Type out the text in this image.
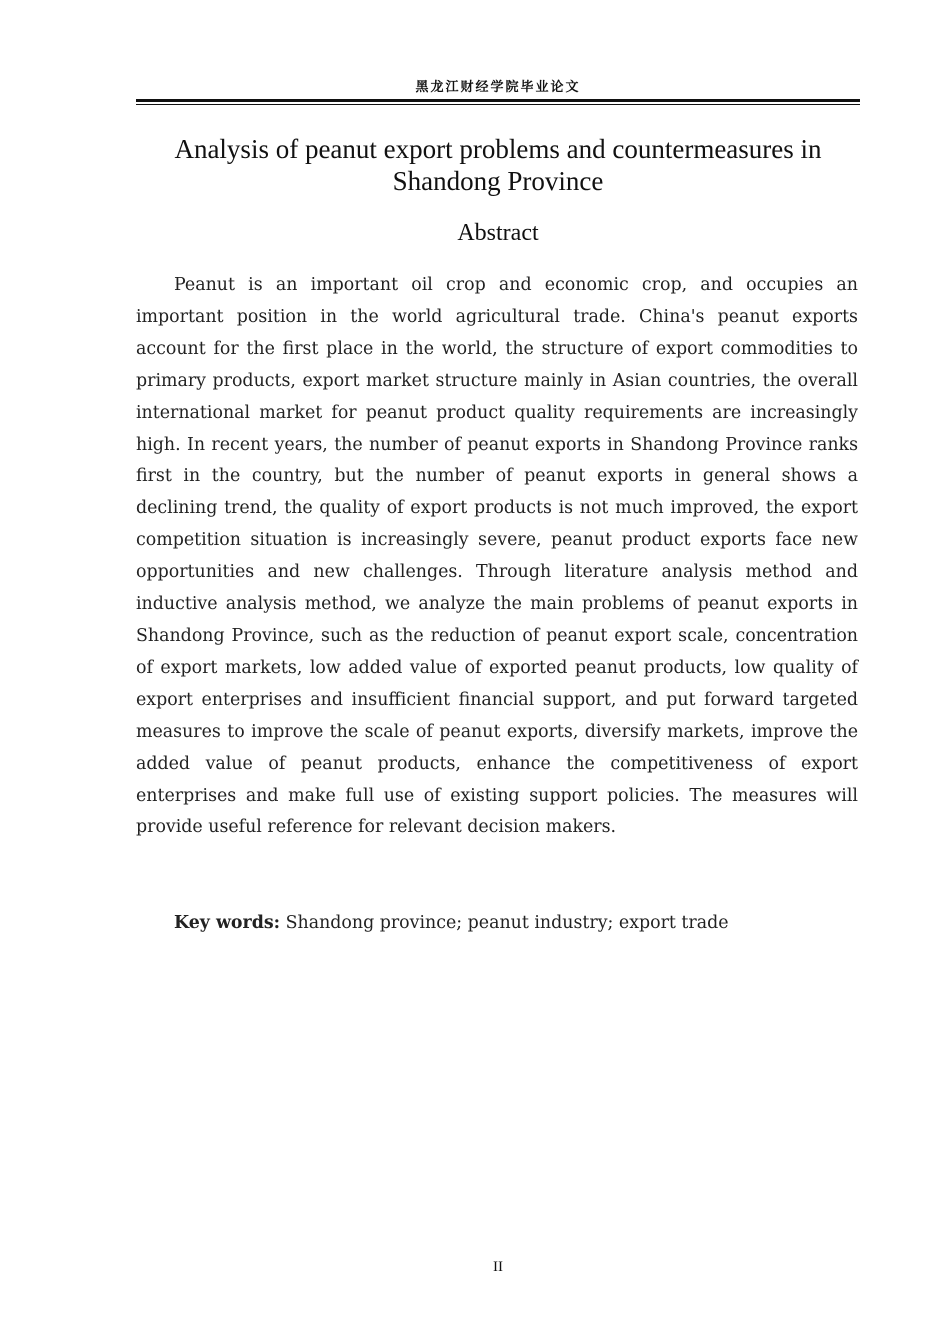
黑龙江财经学院毕业论文
Analysis of peanut export problems and countermeasures in Shandong Province
Abstract

Peanut is an important oil crop and economic crop, and occupies an important position in the world agricultural trade. China's peanut exports account for the first place in the world, the structure of export commodities to primary products, export market structure mainly in Asian countries, the overall international market for peanut product quality requirements are increasingly high. In recent years, the number of peanut exports in Shandong Province ranks first in the country, but the number of peanut exports in general shows a declining trend, the quality of export products is not much improved, the export competition situation is increasingly severe, peanut product exports face new opportunities and new challenges. Through literature analysis method and inductive analysis method, we analyze the main problems of peanut exports in Shandong Province, such as the reduction of peanut export scale, concentration of export markets, low added value of exported peanut products, low quality of export enterprises and insufficient financial support, and put forward targeted measures to improve the scale of peanut exports, diversify markets, improve the added value of peanut products, enhance the competitiveness of export enterprises and make full use of existing support policies. The measures will provide useful reference for relevant decision makers.

Key words: Shandong province; peanut industry; export trade

II
